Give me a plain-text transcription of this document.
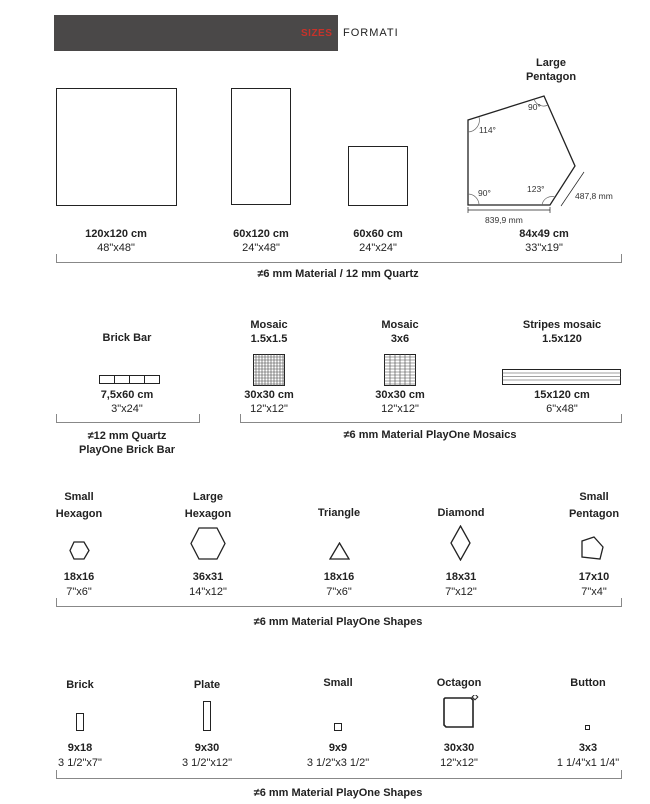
SIZES FORMATI
Large
Pentagon
90°
114°
90°	123°
839,9 mm
487,8 mm
120x120 cm
48"x48"
60x120 cm
24"x48"
60x60 cm
24"x24"
84x49 cm
33"x19"
≠6 mm Material / 12 mm Quartz
Brick Bar
Mosaic
1.5x1.5
Mosaic
3x6
Stripes mosaic
1.5x120
7,5x60 cm
3"x24"
30x30 cm
12"x12"
30x30 cm
12"x12"
15x120 cm
6"x48"
≠12 mm Quartz
PlayOne Brick Bar
≠6 mm Material PlayOne Mosaics
Small
Hexagon
Large
Hexagon	Triangle	Diamond
Small
Pentagon
18x16
7"x6"
36x31
14"x12"
18x16
7"x6"
18x31
7"x12"
17x10
7"x4"
≠6 mm Material PlayOne Shapes
Brick	Plate	Small	Octagon	Button
9x18
3 1/2"x7"
9x30
3 1/2"x12"
9x9
3 1/2"x3 1/2"
30x30
12"x12"
3x3
1 1/4"x1 1/4"
≠6 mm Material PlayOne Shapes
